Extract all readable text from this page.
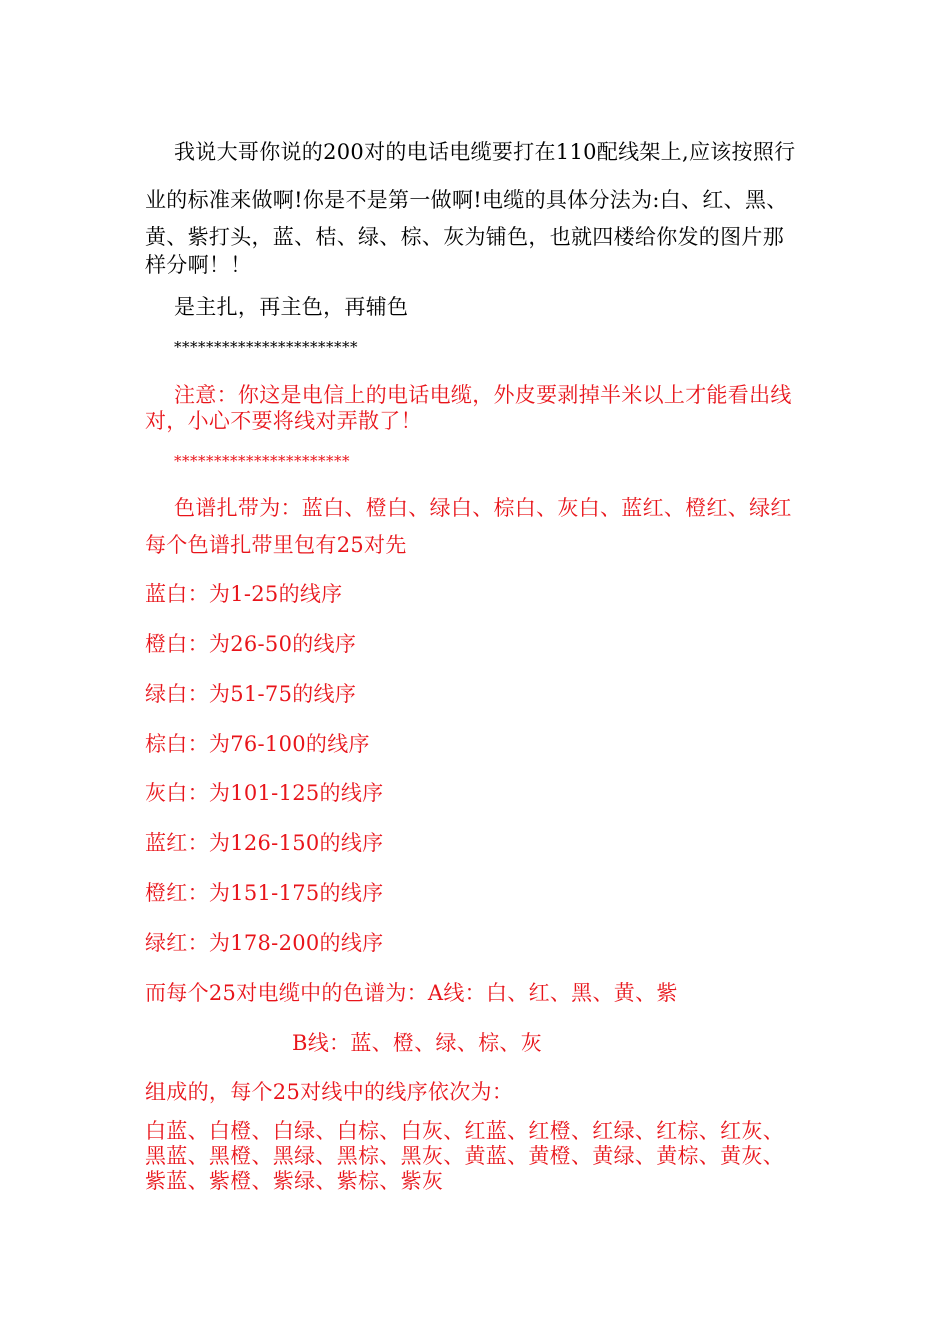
我说大哥你说的200对的电话电缆要打在110配线架上,应该按照行
业的标准来做啊!你是不是第一做啊!电缆的具体分法为:白、红、黑、
黄、紫打头，蓝、桔、绿、棕、灰为铺色，也就四楼给你发的图片那
样分啊！！
是主扎，再主色，再辅色
***********************
注意：你这是电信上的电话电缆，外皮要剥掉半米以上才能看出线
对，小心不要将线对弄散了！
**********************
色谱扎带为：蓝白、橙白、绿白、棕白、灰白、蓝红、橙红、绿红
每个色谱扎带里包有25对先
蓝白：为1-25的线序
橙白：为26-50的线序
绿白：为51-75的线序
棕白：为76-100的线序
灰白：为101-125的线序
蓝红：为126-150的线序
橙红：为151-175的线序
绿红：为178-200的线序
而每个25对电缆中的色谱为：A线：白、红、黑、黄、紫
B线：蓝、橙、绿、棕、灰
组成的，每个25对线中的线序依次为：
白蓝、白橙、白绿、白棕、白灰、红蓝、红橙、红绿、红棕、红灰、
黑蓝、黑橙、黑绿、黑棕、黑灰、黄蓝、黄橙、黄绿、黄棕、黄灰、
紫蓝、紫橙、紫绿、紫棕、紫灰
